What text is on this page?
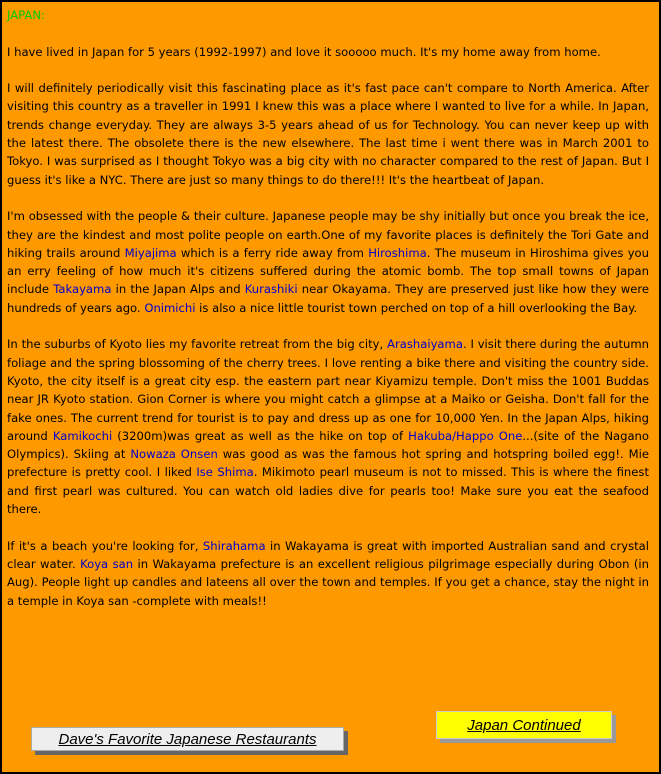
JAPAN:

I have lived in Japan for 5 years (1992-1997) and love it sooooo much. It's my home away from home.

I will definitely periodically visit this fascinating place as it's fast pace can't compare to North America. After visiting this country as a traveller in 1991 I knew this was a place where I wanted to live for a while. In Japan, trends change everyday. They are always 3-5 years ahead of us for Technology. You can never keep up with the latest there. The obsolete there is the new elsewhere. The last time i went there was in March 2001 to Tokyo. I was surprised as I thought Tokyo was a big city with no character compared to the rest of Japan. But I guess it's like a NYC. There are just so many things to do there!!! It's the heartbeat of Japan.

I'm obsessed with the people & their culture. Japanese people may be shy initially but once you break the ice, they are the kindest and most polite people on earth.One of my favorite places is definitely the Tori Gate and hiking trails around Miyajima which is a ferry ride away from Hiroshima. The museum in Hiroshima gives you an erry feeling of how much it's citizens suffered during the atomic bomb. The top small towns of Japan include Takayama in the Japan Alps and Kurashiki near Okayama. They are preserved just like how they were hundreds of years ago. Onimichi is also a nice little tourist town perched on top of a hill overlooking the Bay.

In the suburbs of Kyoto lies my favorite retreat from the big city, Arashaiyama. I visit there during the autumn foliage and the spring blossoming of the cherry trees. I love renting a bike there and visiting the country side. Kyoto, the city itself is a great city esp. the eastern part near Kiyamizu temple. Don't miss the 1001 Buddas near JR Kyoto station. Gion Corner is where you might catch a glimpse at a Maiko or Geisha. Don't fall for the fake ones. The current trend for tourist is to pay and dress up as one for 10,000 Yen. In the Japan Alps, hiking around Kamikochi (3200m)was great as well as the hike on top of Hakuba/Happo One...(site of the Nagano Olympics). Skiing at Nowaza Onsen was good as was the famous hot spring and hotspring boiled egg!. Mie prefecture is pretty cool. I liked Ise Shima. Mikimoto pearl museum is not to missed. This is where the finest and first pearl was cultured. You can watch old ladies dive for pearls too! Make sure you eat the seafood there.

If it's a beach you're looking for, Shirahama in Wakayama is great with imported Australian sand and crystal clear water. Koya san in Wakayama prefecture is an excellent religious pilgrimage especially during Obon (in Aug). People light up candles and lateens all over the town and temples. If you get a chance, stay the night in a temple in Koya san -complete with meals!!

Japan Continued
Dave's Favorite Japanese Restaurants
